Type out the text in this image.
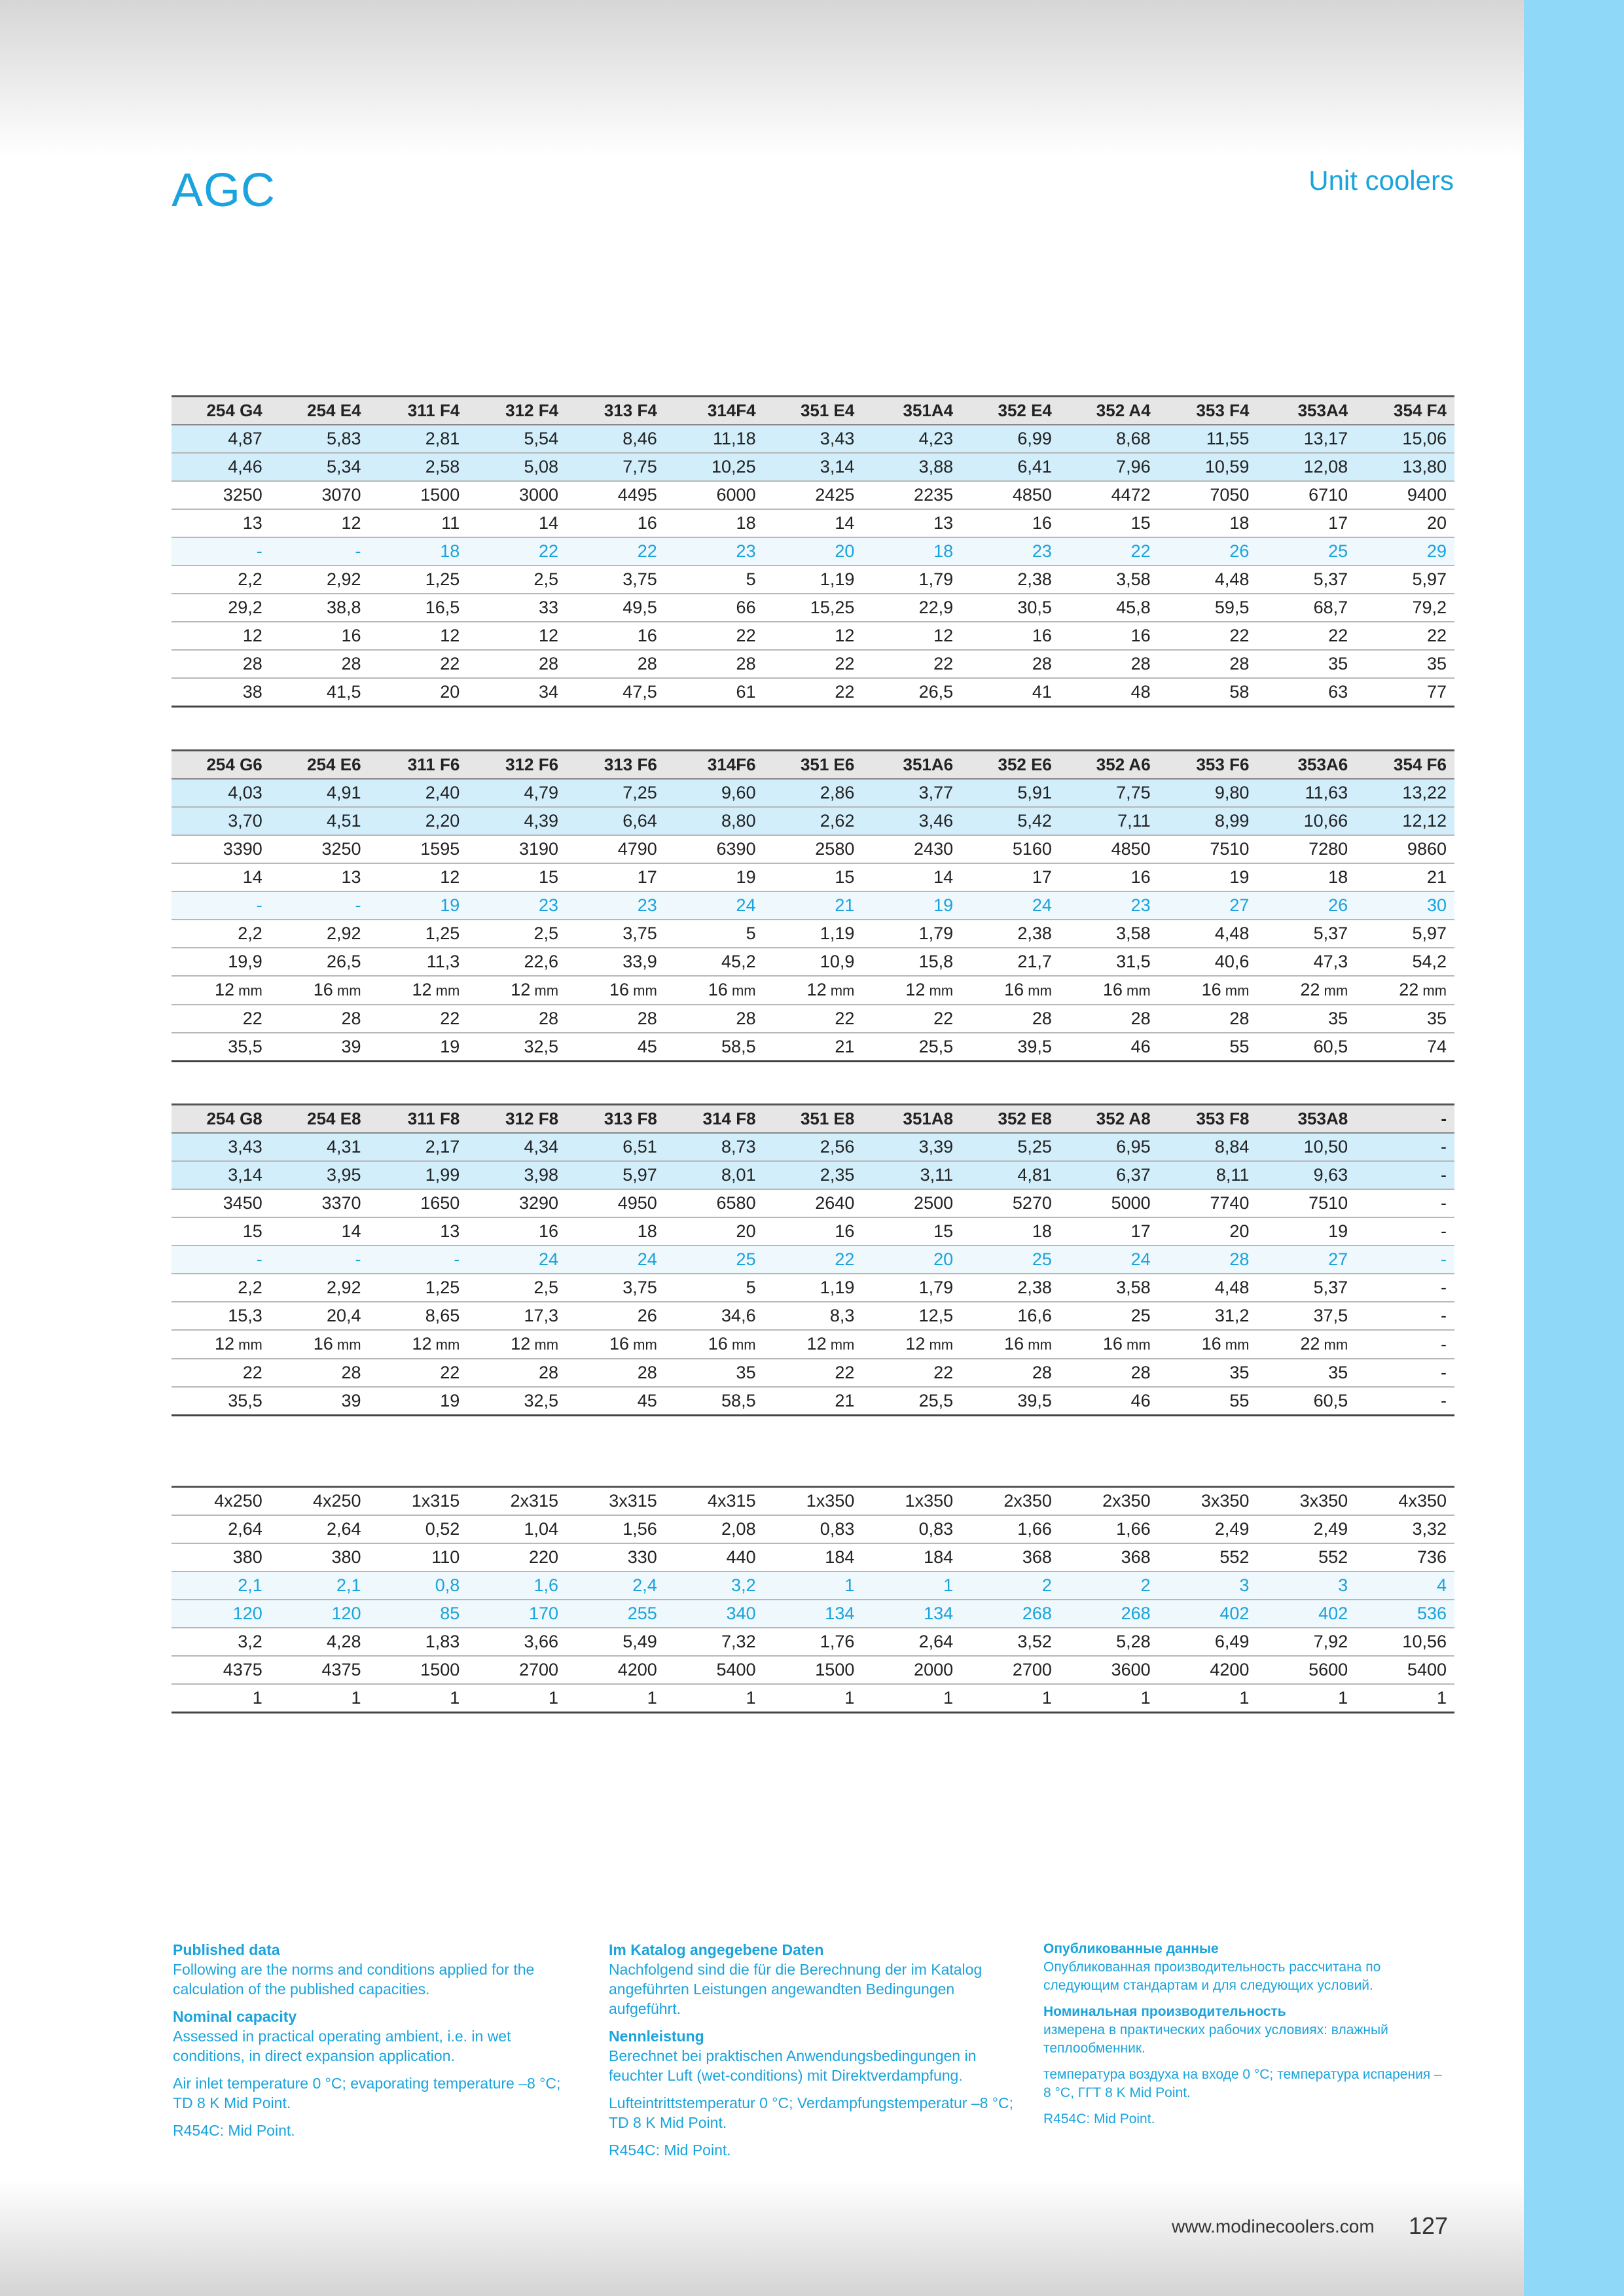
AGC	Unit coolers
254 G4	254 E4	311 F4	312 F4	313 F4	314F4	351 E4	351A4	352 E4	352 A4	353 F4	353A4	354 F4
4,87	5,83	2,81	5,54	8,46	11,18	3,43	4,23	6,99	8,68	11,55	13,17	15,06
4,46	5,34	2,58	5,08	7,75	10,25	3,14	3,88	6,41	7,96	10,59	12,08	13,80
3250	3070	1500	3000	4495	6000	2425	2235	4850	4472	7050	6710	9400
13	12	11	14	16	18	14	13	16	15	18	17	20
-	-	18	22	22	23	20	18	23	22	26	25	29
2,2	2,92	1,25	2,5	3,75	5	1,19	1,79	2,38	3,58	4,48	5,37	5,97
29,2	38,8	16,5	33	49,5	66	15,25	22,9	30,5	45,8	59,5	68,7	79,2
12	16	12	12	16	22	12	12	16	16	22	22	22
28	28	22	28	28	28	22	22	28	28	28	35	35
38	41,5	20	34	47,5	61	22	26,5	41	48	58	63	77
254 G6	254 E6	311 F6	312 F6	313 F6	314F6	351 E6	351A6	352 E6	352 A6	353 F6	353A6	354 F6
4,03	4,91	2,40	4,79	7,25	9,60	2,86	3,77	5,91	7,75	9,80	11,63	13,22
3,70	4,51	2,20	4,39	6,64	8,80	2,62	3,46	5,42	7,11	8,99	10,66	12,12
3390	3250	1595	3190	4790	6390	2580	2430	5160	4850	7510	7280	9860
14	13	12	15	17	19	15	14	17	16	19	18	21
-	-	19	23	23	24	21	19	24	23	27	26	30
2,2	2,92	1,25	2,5	3,75	5	1,19	1,79	2,38	3,58	4,48	5,37	5,97
19,9	26,5	11,3	22,6	33,9	45,2	10,9	15,8	21,7	31,5	40,6	47,3	54,2
12 mm	16 mm	12 mm	12 mm	16 mm	16 mm	12 mm	12 mm	16 mm	16 mm	16 mm	22 mm	22 mm
22	28	22	28	28	28	22	22	28	28	28	35	35
35,5	39	19	32,5	45	58,5	21	25,5	39,5	46	55	60,5	74
254 G8	254 E8	311 F8	312 F8	313 F8	314 F8	351 E8	351A8	352 E8	352 A8	353 F8	353A8	-
3,43	4,31	2,17	4,34	6,51	8,73	2,56	3,39	5,25	6,95	8,84	10,50	-
3,14	3,95	1,99	3,98	5,97	8,01	2,35	3,11	4,81	6,37	8,11	9,63	-
3450	3370	1650	3290	4950	6580	2640	2500	5270	5000	7740	7510	-
15	14	13	16	18	20	16	15	18	17	20	19	-
-	-	-	24	24	25	22	20	25	24	28	27	-
2,2	2,92	1,25	2,5	3,75	5	1,19	1,79	2,38	3,58	4,48	5,37	-
15,3	20,4	8,65	17,3	26	34,6	8,3	12,5	16,6	25	31,2	37,5	-
12 mm	16 mm	12 mm	12 mm	16 mm	16 mm	12 mm	12 mm	16 mm	16 mm	16 mm	22 mm	-
22	28	22	28	28	35	22	22	28	28	35	35	-
35,5	39	19	32,5	45	58,5	21	25,5	39,5	46	55	60,5	-
4x250	4x250	1x315	2x315	3x315	4x315	1x350	1x350	2x350	2x350	3x350	3x350	4x350
2,64	2,64	0,52	1,04	1,56	2,08	0,83	0,83	1,66	1,66	2,49	2,49	3,32
380	380	110	220	330	440	184	184	368	368	552	552	736
2,1	2,1	0,8	1,6	2,4	3,2	1	1	2	2	3	3	4
120	120	85	170	255	340	134	134	268	268	402	402	536
3,2	4,28	1,83	3,66	5,49	7,32	1,76	2,64	3,52	5,28	6,49	7,92	10,56
4375	4375	1500	2700	4200	5400	1500	2000	2700	3600	4200	5600	5400
1	1	1	1	1	1	1	1	1	1	1	1	1

Published data
Following are the norms and conditions applied for the calculation of the published capacities.

Nominal capacity
Assessed in practical operating ambient, i.e. in wet conditions, in direct expansion application.

Air inlet temperature 0 °C; evaporating temperature –8 °C; TD 8 K Mid Point.

R454C: Mid Point.

Im Katalog angegebene Daten
Nachfolgend sind die für die Berechnung der im Katalog angeführten Leistungen angewandten Bedingungen aufgeführt.

Nennleistung
Berechnet bei praktischen Anwendungsbedingungen in feuchter Luft (wet-conditions) mit Direktverdampfung.

Lufteintrittstemperatur 0 °C; Verdampfungstemperatur –8 °C; TD 8 K Mid Point.

R454C: Mid Point.

Опубликованные данные
Опубликованная производительность рассчитана по следующим стандартам и для следующих условий.

Номинальная производительность
измерена в практических рабочих условиях: влажный теплообменник.

температура воздуха на входе 0 °C; температура испарения –8 °C, ГГТ 8 K Mid Point.

R454C: Mid Point.

www.modinecoolers.com 127
